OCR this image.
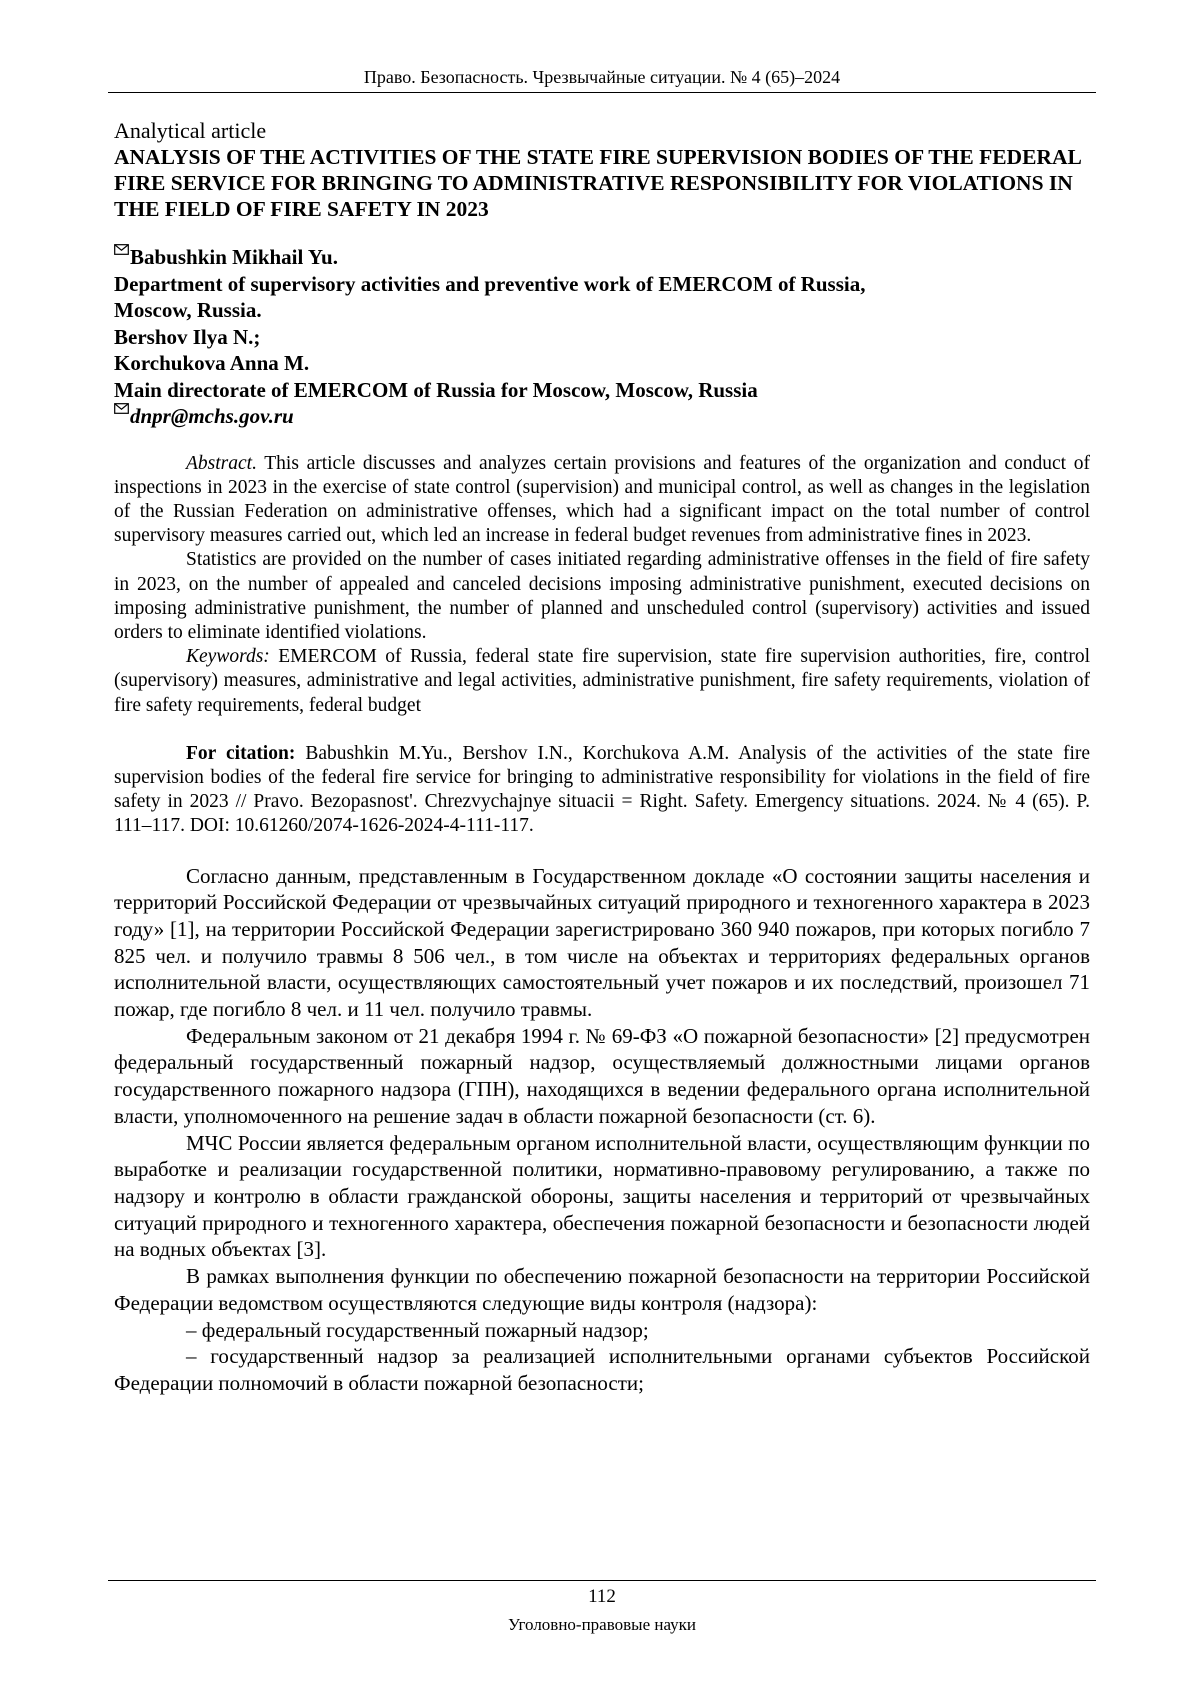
Право. Безопасность. Чрезвычайные ситуации. № 4 (65)–2024

Analytical article

ANALYSIS OF THE ACTIVITIES OF THE STATE FIRE SUPERVISION BODIES OF THE FEDERAL FIRE SERVICE FOR BRINGING TO ADMINISTRATIVE RESPONSIBILITY FOR VIOLATIONS IN THE FIELD OF FIRE SAFETY IN 2023
Babushkin Mikhail Yu.
Department of supervisory activities and preventive work of EMERCOM of Russia,
Moscow, Russia.
Bershov Ilya N.;
Korchukova Anna M.
Main directorate of EMERCOM of Russia for Moscow, Moscow, Russia
dnpr@mchs.gov.ru

Abstract. This article discusses and analyzes certain provisions and features of the organization and conduct of inspections in 2023 in the exercise of state control (supervision) and municipal control, as well as changes in the legislation of the Russian Federation on administrative offenses, which had a significant impact on the total number of control supervisory measures carried out, which led an increase in federal budget revenues from administrative fines in 2023.

Statistics are provided on the number of cases initiated regarding administrative offenses in the field of fire safety in 2023, on the number of appealed and canceled decisions imposing administrative punishment, executed decisions on imposing administrative punishment, the number of planned and unscheduled control (supervisory) activities and issued orders to eliminate identified violations.

Keywords: EMERCOM of Russia, federal state fire supervision, state fire supervision authorities, fire, control (supervisory) measures, administrative and legal activities, administrative punishment, fire safety requirements, violation of fire safety requirements, federal budget

For citation: Babushkin M.Yu., Bershov I.N., Korchukova A.M. Analysis of the activities of the state fire supervision bodies of the federal fire service for bringing to administrative responsibility for violations in the field of fire safety in 2023 // Pravo. Bezopasnost'. Chrezvychajnye situacii = Right. Safety. Emergency situations. 2024. № 4 (65). P. 111–117. DOI: 10.61260/2074-1626-2024-4-111-117.

Согласно данным, представленным в Государственном докладе «О состоянии защиты населения и территорий Российской Федерации от чрезвычайных ситуаций природного и техногенного характера в 2023 году» [1], на территории Российской Федерации зарегистрировано 360 940 пожаров, при которых погибло 7 825 чел. и получило травмы 8 506 чел., в том числе на объектах и территориях федеральных органов исполнительной власти, осуществляющих самостоятельный учет пожаров и их последствий, произошел 71 пожар, где погибло 8 чел. и 11 чел. получило травмы.

Федеральным законом от 21 декабря 1994 г. № 69-ФЗ «О пожарной безопасности» [2] предусмотрен федеральный государственный пожарный надзор, осуществляемый должностными лицами органов государственного пожарного надзора (ГПН), находящихся в ведении федерального органа исполнительной власти, уполномоченного на решение задач в области пожарной безопасности (ст. 6).

МЧС России является федеральным органом исполнительной власти, осуществляющим функции по выработке и реализации государственной политики, нормативно-правовому регулированию, а также по надзору и контролю в области гражданской обороны, защиты населения и территорий от чрезвычайных ситуаций природного и техногенного характера, обеспечения пожарной безопасности и безопасности людей на водных объектах [3].

В рамках выполнения функции по обеспечению пожарной безопасности на территории Российской Федерации ведомством осуществляются следующие виды контроля (надзора):

– федеральный государственный пожарный надзор;

– государственный надзор за реализацией исполнительными органами субъектов Российской Федерации полномочий в области пожарной безопасности;

112
Уголовно-правовые науки
